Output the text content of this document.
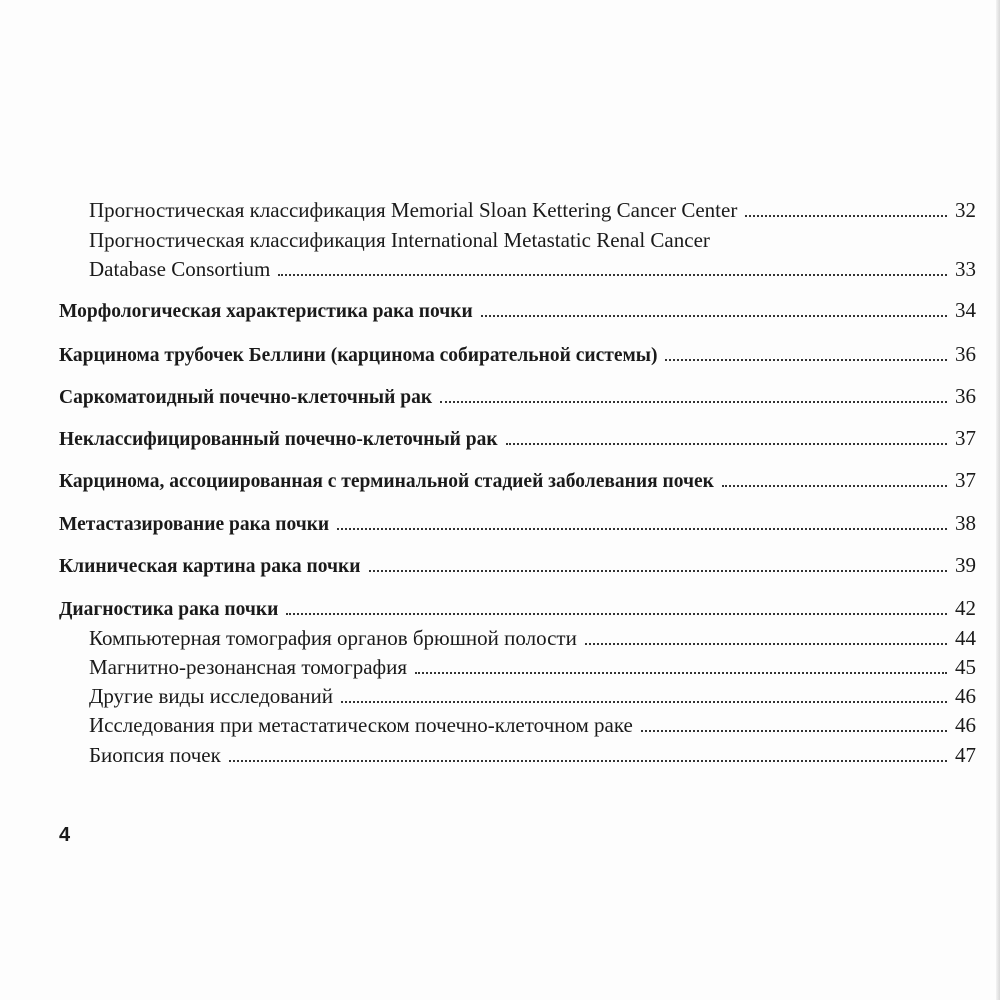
Прогностическая классификация Memorial Sloan Kettering Cancer Center	32
Прогностическая классификация International Metastatic Renal Cancer
Database Consortium	33
Морфологическая характеристика рака почки	34
Карцинома трубочек Беллини (карцинома собирательной системы)	36
Саркоматоидный почечно-клеточный рак	36
Неклассифицированный почечно-клеточный рак	37
Карцинома, ассоциированная с терминальной стадией заболевания почек	37
Метастазирование рака почки	38
Клиническая картина рака почки	39
Диагностика рака почки	42
Компьютерная томография органов брюшной полости	44
Магнитно-резонансная томография	45
Другие виды исследований	46
Исследования при метастатическом почечно-клеточном раке	46
Биопсия почек	47
4
